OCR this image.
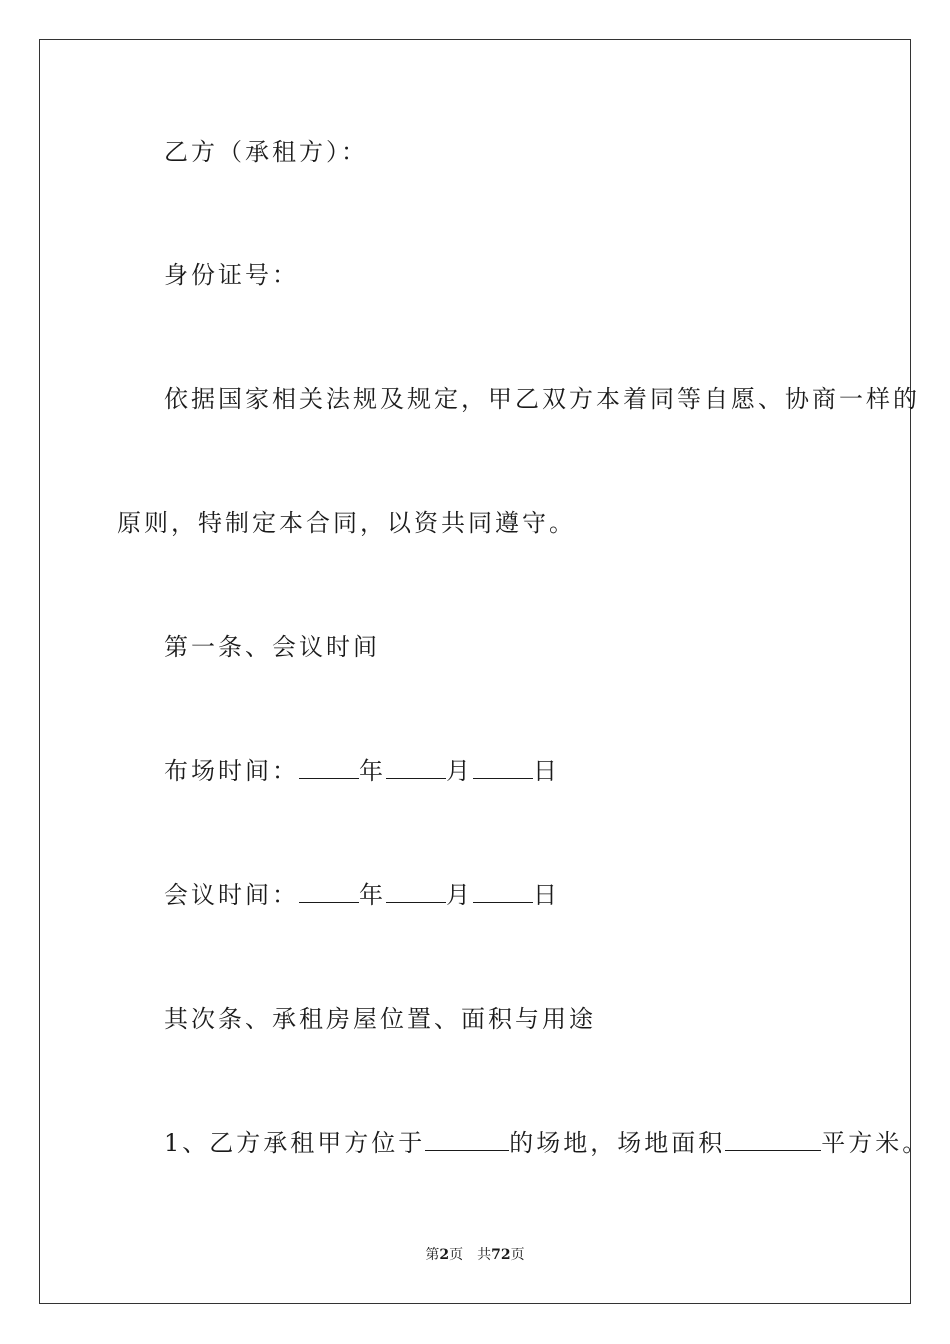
乙方（承租方）：
身份证号：
依据国家相关法规及规定，甲乙双方本着同等自愿、协商一样的
原则，特制定本合同，以资共同遵守。
第一条、会议时间
布场时间：	年	月	日
会议时间：	年	月	日
其次条、承租房屋位置、面积与用途
1、乙方承租甲方位于	的场地，场地面积	平方米。
第2页 共72页
